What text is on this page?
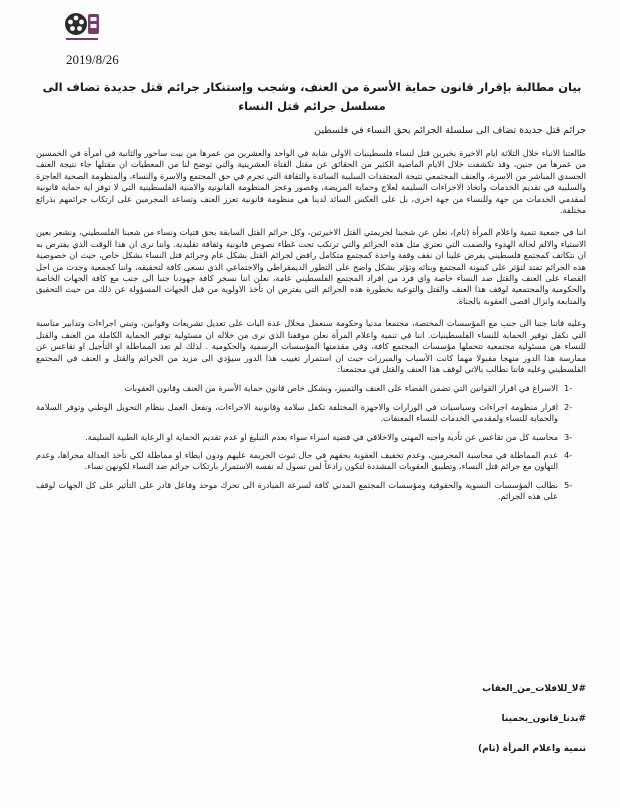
2019/8/26
بيان مطالبة بإقرار قانون حماية الأسرة من العنف، وشجب وإستنكار جرائم قتل جديدة تضاف الى مسلسل جرائم قتل النساء
جرائم قتل جديدة تضاف الى سلسلة الجرائم بحق النساء في فلسطين

طالعتنا الانباء خلال الثلاثة ايام الاخيرة بخبرين قتل لنساء فلسطينيات الاولى شابة في الواحد والعشرين من عمرها من بيت ساحور والثانية في امرأة في الخمسين من عمرها من جنين، وقد تكشفت خلال الايام الماضية الكثير من الحقائق عن مقتل القتاة العشرينية والتي توضح لنا من المعطيات ان مقتلها جاء نتيجة العنف الجسدي المباشر من الاسرة، والعنف المجتمعي نتيجة المعتقدات السلبية السائدة والثقافة التي تجرم في حق المجتمع والاسرة والنساء، والمنظومة الصحية العاجزة والسلبية في تقديم الخدمات واتخاذ الاجراءات السليمة لعلاج وحماية المريضة، وقصور وعجز المنظومة القانونية والامنية الفلسطينية التي لا توفر اية حماية قانونية لمقدمي الخدمات من جهة وللنساء من جهة اخرى، بل على العكس السائد لدينا هي منظومة قانونية تعزز العنف وتساعد المجرمين على ارتكاب جرائمهم بذرائع مختلفة.

اننا في جمعية تنمية واعلام المرأة (تام)، نعلن عن شجبنا لجريمتي القتل الاخيرتين، وكل جرائم القتل السابقة بحق فتيات ونساء من شعبنا الفلسطيني، ونشعر بعين الاستياء والالم لحالة الهدوء والصمت التي تعتري مثل هذه الجرائم والتي ترتكب تحت غطاء نصوص قانونية وثقافة تقليدية. واننا نرى ان هذا الوقت الذي يفترض به ان نتكاتف كمجتمع فلسطيني يفرض علينا ان نقف وقفة واحدة كمجتمع متكامل رافض لجرائم القتل بشكل عام وجرائم قتل النساء بشكل خاص، حيث ان خصوصية هذه الجرائم تمتد لتؤثر على كينونة المجتمع وبنائه وتؤثر بشكل واضح على التطور الديمقراطي والاجتماعي الذي نسعى كافة لتحقيقه، واننا كجمعية وجدت من اجل القضاء على العنف والقتل ضد النساء خاصة واي فرد من افراد المجتمع الفلسطيني عامة، نعلن اننا نسخر كافة جهودنا جنبا الى جنب مع كافة الجهات الخاصة والحكومية والمجتمعية لوقف هذا العنف والقتل والتوعية بخطورة هذه الجرائم التي يفترض ان تأخذ الاولوية من قبل الجهات المسؤولة عن ذلك من حيث التحقيق والمتابعة وانزال اقصى العقوبة بالجناة.

وعليه فاننا جنبا الى جنب مع المؤسسات المختصة، مجتمعا مدنيا وحكومة سنعمل مخلال عدة اليات على تعديل تشريعات وقوانين، وتبني اجراءات وتدابير مناسبة التي تكفل توفير الحماية للنساء الفلسطينيات. اننا في تنمية واعلام المرأة نعلن موقفنا الذي نرى من خلاله ان مسئولية توفير الحماية الكاملة من العنف والقتل للنساء هي مسئولية مجتمعية تتحملها مؤسسات المجتمع كافة، وفي مقدمتها المؤسسات الرسمية والحكومية . لذلك لم تعد المماطلة او التأجيل او تقاعس عن ممارسة هذا الدور منهجا مقبولا مهما كانت الأسباب والمبررات حيث ان استمرار تغييب هذا الدور سيؤدي الى مزيد من الجرائم والقتل و العنف في المجتمع الفلسطيني وعليه فاننا نطالب بالاتي لوقف هذا العنف والقتل في مجتمعنا:

1-
الاسراع في اقرار القوانين التي تضمن القضاء على العنف والتمييز، وبشكل خاص قانون حماية الأسرة من العنف وقانون العقوبات
2-
اقرار منظومة اجراءات وسياسيات في الوزارات والاجهزة المختلفة تكفل سلامة وقانونية الاجراءات، وتفعل العمل بنظام التحويل الوطني وتوفر السلامة والحماية للنساء ولمقدمي الخدمات للنساء المعنفات.
3-
محاسبة كل من تقاعس عن تأدية واجبه المهني والاخلاقي في قضية اسراء سواء بعدم التبليغ او عدم تقديم الحماية او الرعاية الطبية السليمة.
4-
عدم المماطلة في محاسبة المجرمين، وعدم تخفيف العقوبة بحقهم في حال ثبوت الجريمة عليهم ودون ابطاء او مماطلة لكي تأخذ العدالة مجراها، وعدم التهاون مع جرائم قتل النساء، وتطبيق العقوبات المشددة لتكون رادعاً لمن تسول له نفسه الاستمرار بارتكاب جرائم ضد النساء لكونهن نساء.
5-
نطالب المؤسسات النسوية والحقوقية ومؤسسات المجتمع المدني كافة لسرعة المبادرة الى تحرك موحد وفاعل قادر على التأثير على كل الجهات لوقف على هذه الجرائم.
#لا_للافلات_من_العقاب
#بدنا_قانون_يحمينا
تنمية واعلام المرأة (تام)
